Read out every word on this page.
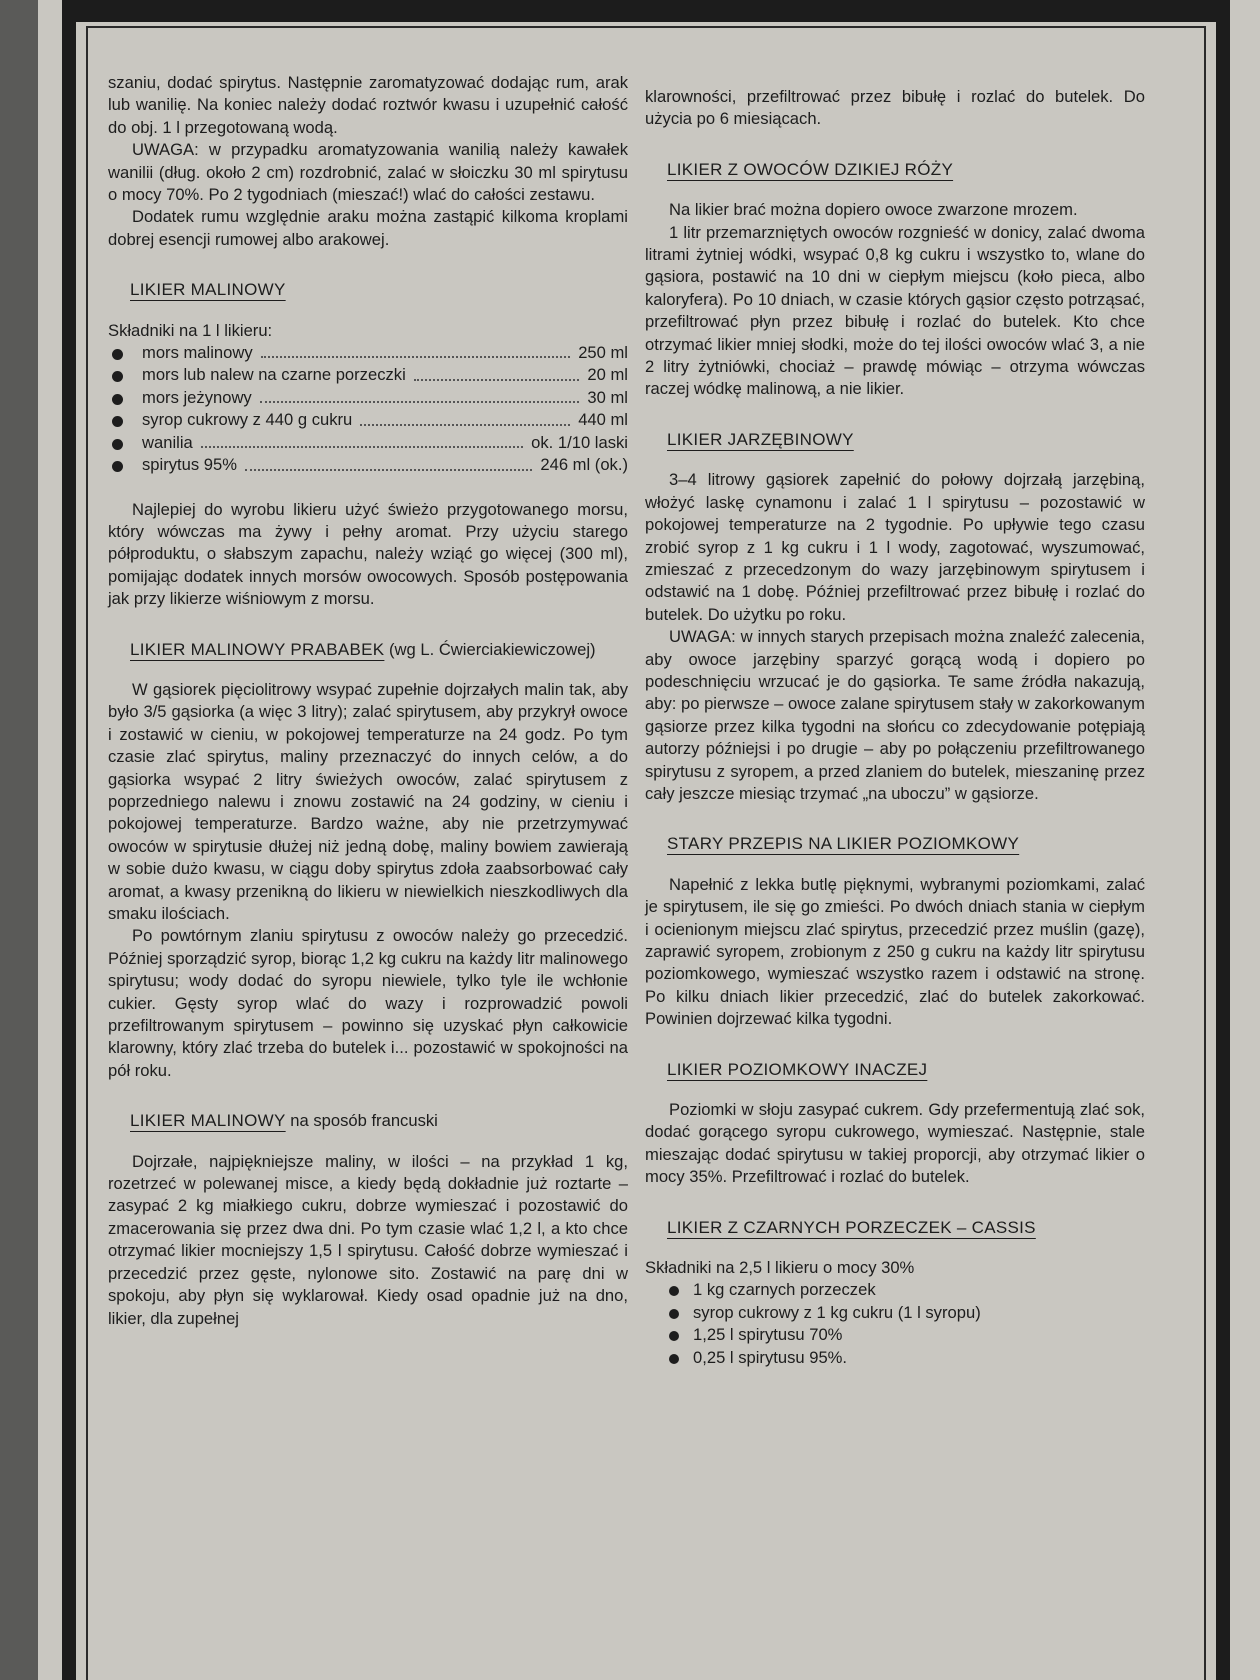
szaniu, dodać spirytus. Następnie zaromatyzować dodając rum, arak lub wanilię. Na koniec należy dodać roztwór kwasu i uzupełnić całość do obj. 1 l przegotowaną wodą.

UWAGA: w przypadku aromatyzowania wanilią należy kawałek wanilii (dług. około 2 cm) rozdrobnić, zalać w słoiczku 30 ml spirytusu o mocy 70%. Po 2 tygodniach (mieszać!) wlać do całości zestawu.

Dodatek rumu względnie araku można zastąpić kilkoma kroplami dobrej esencji rumowej albo arakowej.

LIKIER MALINOWY

Składniki na 1 l likieru:

mors malinowy	250 ml
mors lub nalew na czarne porzeczki	20 ml
mors jeżynowy	30 ml
syrop cukrowy z 440 g cukru	440 ml
wanilia	ok. 1/10 laski
spirytus 95%	246 ml (ok.)

Najlepiej do wyrobu likieru użyć świeżo przygotowanego morsu, który wówczas ma żywy i pełny aromat. Przy użyciu starego półproduktu, o słabszym zapachu, należy wziąć go więcej (300 ml), pomijając dodatek innych morsów owocowych. Sposób postępowania jak przy likierze wiśniowym z morsu.

LIKIER MALINOWY PRABABEK (wg L. Ćwierciakiewiczowej)

W gąsiorek pięciolitrowy wsypać zupełnie dojrzałych malin tak, aby było 3/5 gąsiorka (a więc 3 litry); zalać spirytusem, aby przykrył owoce i zostawić w cieniu, w pokojowej temperaturze na 24 godz. Po tym czasie zlać spirytus, maliny przeznaczyć do innych celów, a do gąsiorka wsypać 2 litry świeżych owoców, zalać spirytusem z poprzedniego nalewu i znowu zostawić na 24 godziny, w cieniu i pokojowej temperaturze. Bardzo ważne, aby nie przetrzymywać owoców w spirytusie dłużej niż jedną dobę, maliny bowiem zawierają w sobie dużo kwasu, w ciągu doby spirytus zdoła zaabsorbować cały aromat, a kwasy przenikną do likieru w niewielkich nieszkodliwych dla smaku ilościach.

Po powtórnym zlaniu spirytusu z owoców należy go przecedzić. Później sporządzić syrop, biorąc 1,2 kg cukru na każdy litr malinowego spirytusu; wody dodać do syropu niewiele, tylko tyle ile wchłonie cukier. Gęsty syrop wlać do wazy i rozprowadzić powoli przefiltrowanym spirytusem – powinno się uzyskać płyn całkowicie klarowny, który zlać trzeba do butelek i... pozostawić w spokojności na pół roku.

LIKIER MALINOWY na sposób francuski

Dojrzałe, najpiękniejsze maliny, w ilości – na przykład 1 kg, rozetrzeć w polewanej misce, a kiedy będą dokładnie już roztarte – zasypać 2 kg miałkiego cukru, dobrze wymieszać i pozostawić do zmacerowania się przez dwa dni. Po tym czasie wlać 1,2 l, a kto chce otrzymać likier mocniejszy 1,5 l spirytusu. Całość dobrze wymieszać i przecedzić przez gęste, nylonowe sito. Zostawić na parę dni w spokoju, aby płyn się wyklarował. Kiedy osad opadnie już na dno, likier, dla zupełnej

klarowności, przefiltrować przez bibułę i rozlać do butelek. Do użycia po 6 miesiącach.

LIKIER Z OWOCÓW DZIKIEJ RÓŻY

Na likier brać można dopiero owoce zwarzone mrozem.

1 litr przemarzniętych owoców rozgnieść w donicy, zalać dwoma litrami żytniej wódki, wsypać 0,8 kg cukru i wszystko to, wlane do gąsiora, postawić na 10 dni w ciepłym miejscu (koło pieca, albo kaloryfera). Po 10 dniach, w czasie których gąsior często potrząsać, przefiltrować płyn przez bibułę i rozlać do butelek. Kto chce otrzymać likier mniej słodki, może do tej ilości owoców wlać 3, a nie 2 litry żytniówki, chociaż – prawdę mówiąc – otrzyma wówczas raczej wódkę malinową, a nie likier.

LIKIER JARZĘBINOWY

3–4 litrowy gąsiorek zapełnić do połowy dojrzałą jarzębiną, włożyć laskę cynamonu i zalać 1 l spirytusu – pozostawić w pokojowej temperaturze na 2 tygodnie. Po upływie tego czasu zrobić syrop z 1 kg cukru i 1 l wody, zagotować, wyszumować, zmieszać z przecedzonym do wazy jarzębinowym spirytusem i odstawić na 1 dobę. Później przefiltrować przez bibułę i rozlać do butelek. Do użytku po roku.

UWAGA: w innych starych przepisach można znaleźć zalecenia, aby owoce jarzębiny sparzyć gorącą wodą i dopiero po podeschnięciu wrzucać je do gąsiorka. Te same źródła nakazują, aby: po pierwsze – owoce zalane spirytusem stały w zakorkowanym gąsiorze przez kilka tygodni na słońcu co zdecydowanie potępiają autorzy późniejsi i po drugie – aby po połączeniu przefiltrowanego spirytusu z syropem, a przed zlaniem do butelek, mieszaninę przez cały jeszcze miesiąc trzymać „na uboczu” w gąsiorze.

STARY PRZEPIS NA LIKIER POZIOMKOWY

Napełnić z lekka butlę pięknymi, wybranymi poziomkami, zalać je spirytusem, ile się go zmieści. Po dwóch dniach stania w ciepłym i ocienionym miejscu zlać spirytus, przecedzić przez muślin (gazę), zaprawić syropem, zrobionym z 250 g cukru na każdy litr spirytusu poziomkowego, wymieszać wszystko razem i odstawić na stronę. Po kilku dniach likier przecedzić, zlać do butelek zakorkować. Powinien dojrzewać kilka tygodni.

LIKIER POZIOMKOWY INACZEJ

Poziomki w słoju zasypać cukrem. Gdy przefermentują zlać sok, dodać gorącego syropu cukrowego, wymieszać. Następnie, stale mieszając dodać spirytusu w takiej proporcji, aby otrzymać likier o mocy 35%. Przefiltrować i rozlać do butelek.

LIKIER Z CZARNYCH PORZECZEK – CASSIS

Składniki na 2,5 l likieru o mocy 30%

1 kg czarnych porzeczek
syrop cukrowy z 1 kg cukru (1 l syropu)
1,25 l spirytusu 70%
0,25 l spirytusu 95%.
